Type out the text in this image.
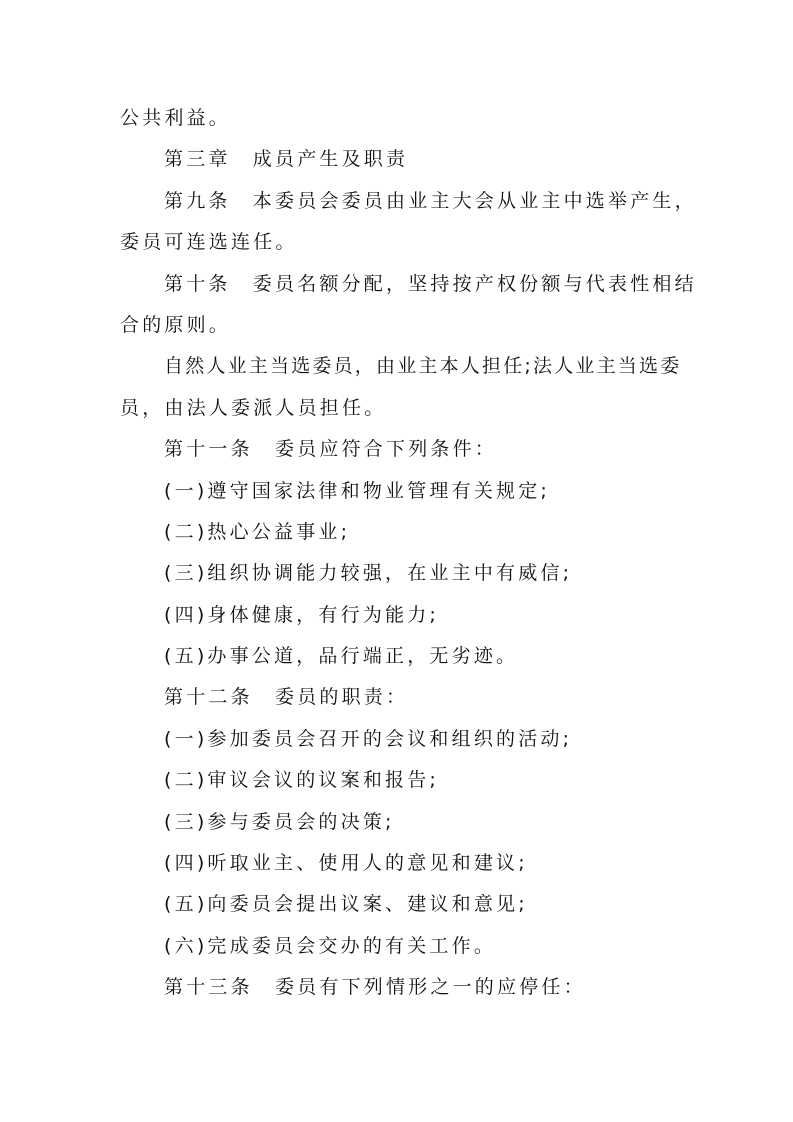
公共利益。
第三章　成员产生及职责
第九条　本委员会委员由业主大会从业主中选举产生，
委员可连选连任。
第十条　委员名额分配，坚持按产权份额与代表性相结
合的原则。
自然人业主当选委员，由业主本人担任;法人业主当选委
员，由法人委派人员担任。
第十一条　委员应符合下列条件：
(一)遵守国家法律和物业管理有关规定;
(二)热心公益事业;
(三)组织协调能力较强，在业主中有威信;
(四)身体健康，有行为能力;
(五)办事公道，品行端正，无劣迹。
第十二条　委员的职责：
(一)参加委员会召开的会议和组织的活动;
(二)审议会议的议案和报告;
(三)参与委员会的决策;
(四)听取业主、使用人的意见和建议;
(五)向委员会提出议案、建议和意见;
(六)完成委员会交办的有关工作。
第十三条　委员有下列情形之一的应停任：
